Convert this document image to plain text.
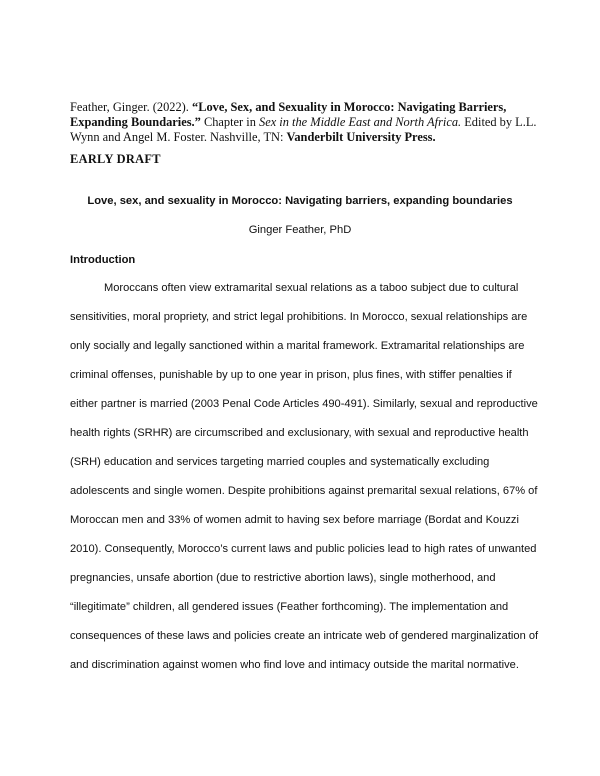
Feather, Ginger. (2022). “Love, Sex, and Sexuality in Morocco: Navigating Barriers, Expanding Boundaries.” Chapter in Sex in the Middle East and North Africa. Edited by L.L. Wynn and Angel M. Foster. Nashville, TN: Vanderbilt University Press.
EARLY DRAFT
Love, sex, and sexuality in Morocco: Navigating barriers, expanding boundaries
Ginger Feather, PhD
Introduction
Moroccans often view extramarital sexual relations as a taboo subject due to cultural
sensitivities, moral propriety, and strict legal prohibitions. In Morocco, sexual relationships are
only socially and legally sanctioned within a marital framework. Extramarital relationships are
criminal offenses, punishable by up to one year in prison, plus fines, with stiffer penalties if
either partner is married (2003 Penal Code Articles 490-491). Similarly, sexual and reproductive
health rights (SRHR) are circumscribed and exclusionary, with sexual and reproductive health
(SRH) education and services targeting married couples and systematically excluding
adolescents and single women. Despite prohibitions against premarital sexual relations, 67% of
Moroccan men and 33% of women admit to having sex before marriage (Bordat and Kouzzi
2010). Consequently, Morocco’s current laws and public policies lead to high rates of unwanted
pregnancies, unsafe abortion (due to restrictive abortion laws), single motherhood, and
“illegitimate” children, all gendered issues (Feather forthcoming). The implementation and
consequences of these laws and policies create an intricate web of gendered marginalization of
and discrimination against women who find love and intimacy outside the marital normative.
